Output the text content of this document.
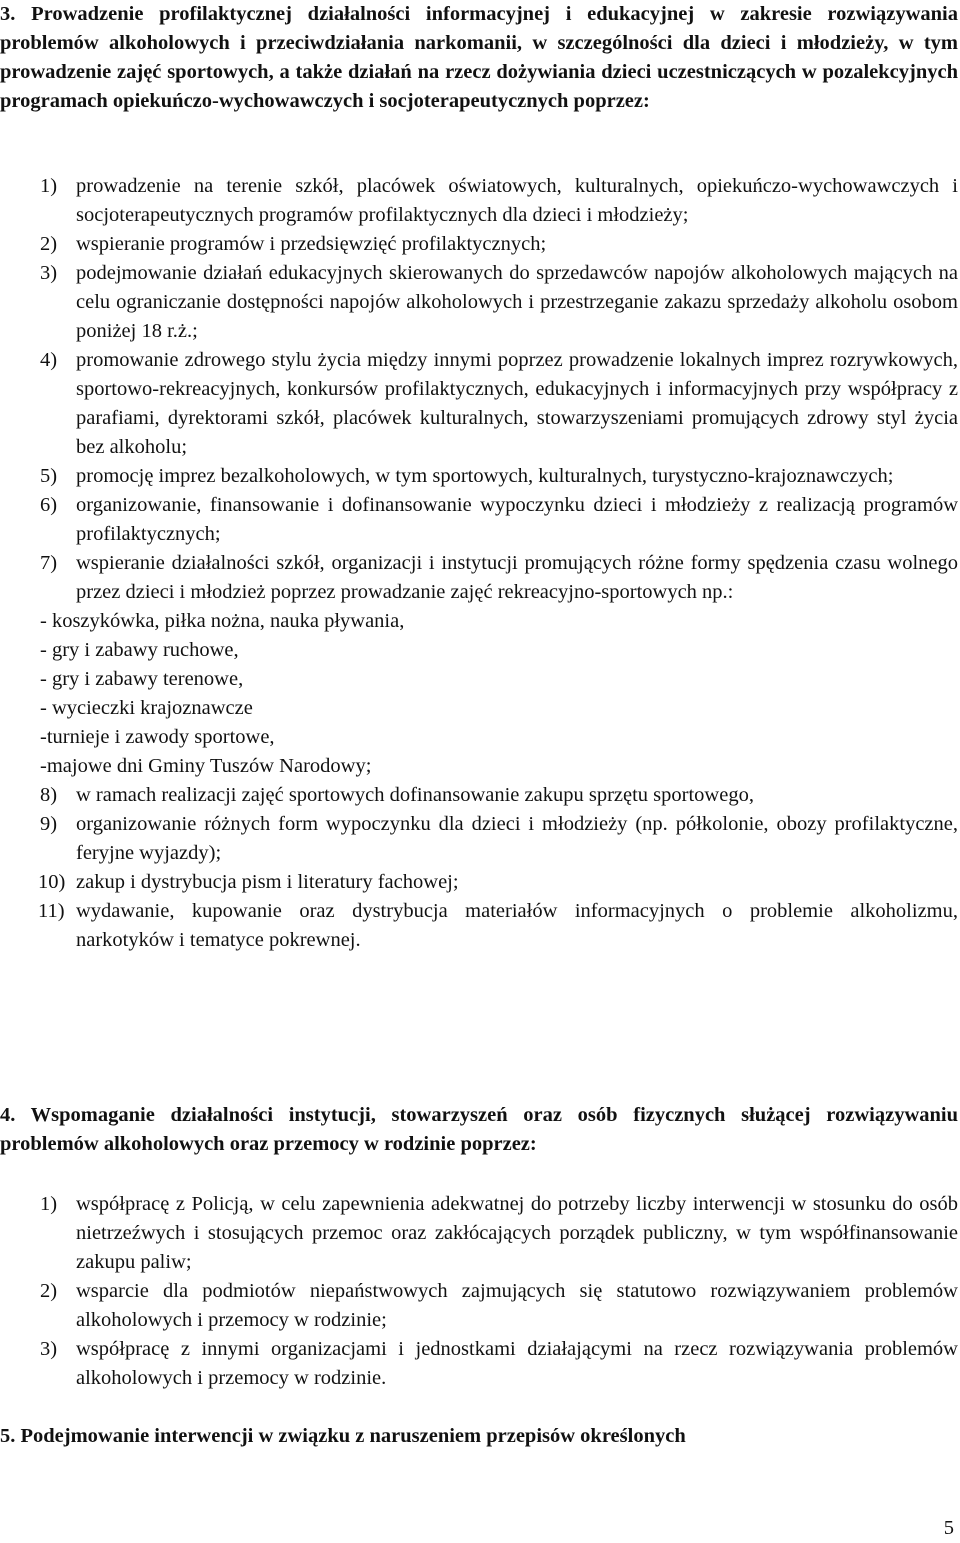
3. Prowadzenie profilaktycznej działalności informacyjnej i edukacyjnej w zakresie rozwiązywania problemów alkoholowych i przeciwdziałania narkomanii, w szczególności dla dzieci i młodzieży, w tym prowadzenie zajęć sportowych, a także działań na rzecz dożywiania dzieci uczestniczących w pozalekcyjnych programach opiekuńczo-wychowawczych i socjoterapeutycznych poprzez:
1) prowadzenie na terenie szkół, placówek oświatowych, kulturalnych, opiekuńczo-wychowawczych i socjoterapeutycznych programów profilaktycznych dla dzieci i młodzieży;
2) wspieranie programów i przedsięwzięć profilaktycznych;
3) podejmowanie działań edukacyjnych skierowanych do sprzedawców napojów alkoholowych mających na celu ograniczanie dostępności napojów alkoholowych i przestrzeganie zakazu sprzedaży alkoholu osobom poniżej 18 r.ż.;
4) promowanie zdrowego stylu życia między innymi poprzez prowadzenie lokalnych imprez rozrywkowych, sportowo-rekreacyjnych, konkursów profilaktycznych, edukacyjnych i informacyjnych przy współpracy z parafiami, dyrektorami szkół, placówek kulturalnych, stowarzyszeniami promujących zdrowy styl życia bez alkoholu;
5) promocję imprez bezalkoholowych, w tym sportowych, kulturalnych, turystyczno-krajoznawczych;
6) organizowanie, finansowanie i dofinansowanie wypoczynku dzieci i młodzieży z realizacją programów profilaktycznych;
7) wspieranie działalności szkół, organizacji i instytucji promujących różne formy spędzenia czasu wolnego przez dzieci i młodzież poprzez prowadzanie zajęć rekreacyjno-sportowych np.:
- koszykówka, piłka nożna, nauka pływania,
- gry i zabawy ruchowe,
- gry i zabawy terenowe,
- wycieczki krajoznawcze
-turnieje i zawody sportowe,
-majowe dni Gminy Tuszów Narodowy;
8) w ramach realizacji zajęć sportowych dofinansowanie zakupu sprzętu sportowego,
9) organizowanie różnych form wypoczynku dla dzieci i młodzieży (np. półkolonie, obozy profilaktyczne, feryjne wyjazdy);
10) zakup i dystrybucja pism i literatury fachowej;
11) wydawanie, kupowanie oraz dystrybucja materiałów informacyjnych o problemie alkoholizmu, narkotyków i tematyce pokrewnej.
4. Wspomaganie działalności instytucji, stowarzyszeń oraz osób fizycznych służącej rozwiązywaniu problemów alkoholowych oraz przemocy w rodzinie poprzez:
1) współpracę z Policją, w celu zapewnienia adekwatnej do potrzeby liczby interwencji w stosunku do osób nietrzeźwych i stosujących przemoc oraz zakłócających porządek publiczny, w tym współfinansowanie zakupu paliw;
2) wsparcie dla podmiotów niepaństwowych zajmujących się statutowo rozwiązywaniem problemów alkoholowych i przemocy w rodzinie;
3) współpracę z innymi organizacjami i jednostkami działającymi na rzecz rozwiązywania problemów alkoholowych i przemocy w rodzinie.
5. Podejmowanie interwencji w związku z naruszeniem przepisów określonych
5
